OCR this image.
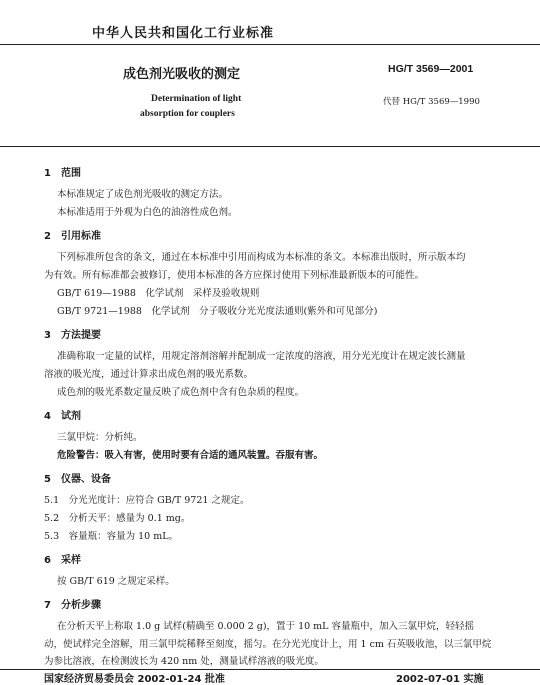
中华人民共和国化工行业标准
成色剂光吸收的测定	HG/T 3569—2001
Determination of light
absorption for couplers
代替 HG/T 3569—1990
1　范围
本标准规定了成色剂光吸收的测定方法。
本标准适用于外观为白色的油溶性成色剂。
2　引用标准
下列标准所包含的条文，通过在本标准中引用而构成为本标准的条文。本标准出版时，所示版本均
为有效。所有标准都会被修订，使用本标准的各方应探讨使用下列标准最新版本的可能性。
GB/T 619—1988　化学试剂　采样及验收规则
GB/T 9721—1988　化学试剂　分子吸收分光光度法通则(紫外和可见部分)
3　方法提要
准确称取一定量的试样，用规定溶剂溶解并配制成一定浓度的溶液，用分光光度计在规定波长测量
溶液的吸光度，通过计算求出成色剂的吸光系数。
成色剂的吸光系数定量反映了成色剂中含有色杂质的程度。
4　试剂
三氯甲烷：分析纯。
危险警告：吸入有害，使用时要有合适的通风装置。吞服有害。
5　仪器、设备
5.1　分光光度计：应符合 GB/T 9721 之规定。
5.2　分析天平：感量为 0.1 mg。
5.3　容量瓶：容量为 10 mL。
6　采样
按 GB/T 619 之规定采样。
7　分析步骤
在分析天平上称取 1.0 g 试样(精确至 0.000 2 g)，置于 10 mL 容量瓶中，加入三氯甲烷，轻轻摇
动，使试样完全溶解，用三氯甲烷稀释至刻度，摇匀。在分光光度计上，用 1 cm 石英吸收池，以三氯甲烷
为参比溶液，在检测波长为 420 nm 处，测量试样溶液的吸光度。
国家经济贸易委员会 2002-01-24 批准	2002-07-01 实施
